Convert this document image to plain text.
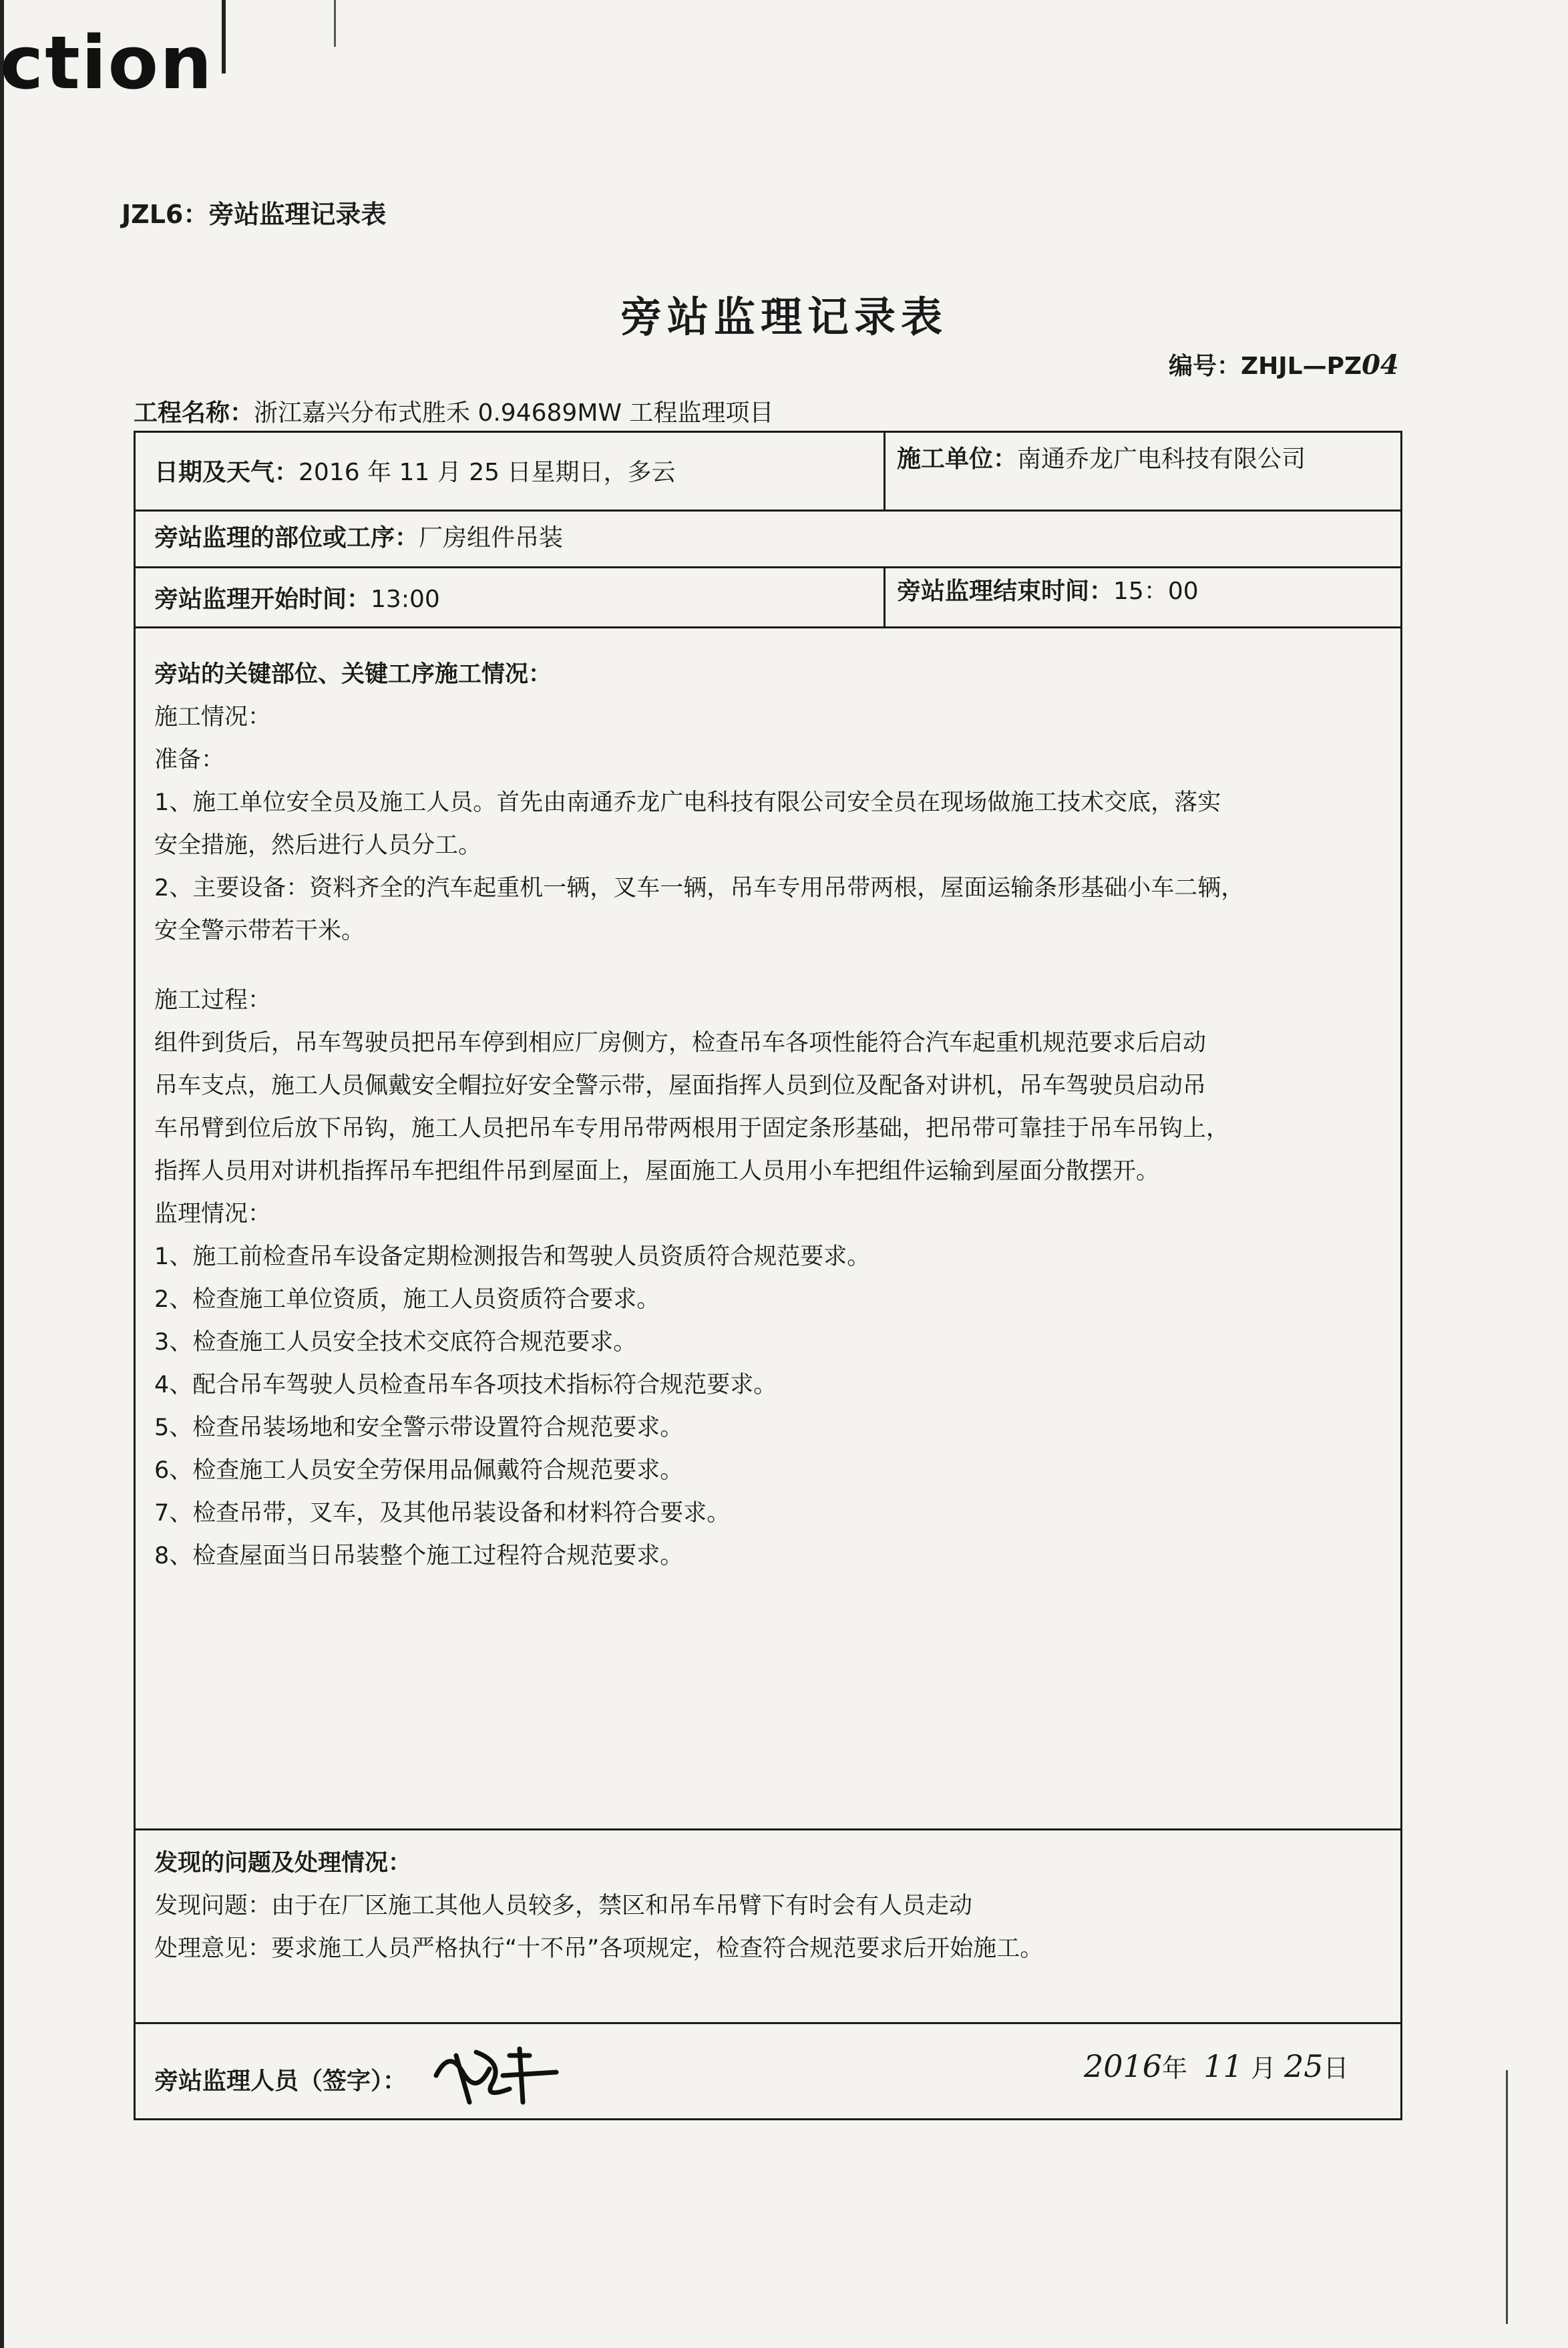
ction
JZL6：旁站监理记录表
旁站监理记录表
编号：ZHJL—PZ04
工程名称：浙江嘉兴分布式胜禾 0.94689MW 工程监理项目
日期及天气：2016 年 11 月 25 日星期日，多云	施工单位：南通乔龙广电科技有限公司
旁站监理的部位或工序：厂房组件吊装
旁站监理开始时间：13:00	旁站监理结束时间：15：00

旁站的关键部位、关键工序施工情况：

施工情况：

准备：

1、施工单位安全员及施工人员。首先由南通乔龙广电科技有限公司安全员在现场做施工技术交底，落实

安全措施，然后进行人员分工。

2、主要设备：资料齐全的汽车起重机一辆，叉车一辆，吊车专用吊带两根，屋面运输条形基础小车二辆，

安全警示带若干米。

施工过程：

组件到货后，吊车驾驶员把吊车停到相应厂房侧方，检查吊车各项性能符合汽车起重机规范要求后启动

吊车支点，施工人员佩戴安全帽拉好安全警示带，屋面指挥人员到位及配备对讲机，吊车驾驶员启动吊

车吊臂到位后放下吊钩，施工人员把吊车专用吊带两根用于固定条形基础，把吊带可靠挂于吊车吊钩上，

指挥人员用对讲机指挥吊车把组件吊到屋面上，屋面施工人员用小车把组件运输到屋面分散摆开。

监理情况：

1、施工前检查吊车设备定期检测报告和驾驶人员资质符合规范要求。

2、检查施工单位资质，施工人员资质符合要求。

3、检查施工人员安全技术交底符合规范要求。

4、配合吊车驾驶人员检查吊车各项技术指标符合规范要求。

5、检查吊装场地和安全警示带设置符合规范要求。

6、检查施工人员安全劳保用品佩戴符合规范要求。

7、检查吊带，叉车，及其他吊装设备和材料符合要求。

8、检查屋面当日吊装整个施工过程符合规范要求。

发现的问题及处理情况：

发现问题：由于在厂区施工其他人员较多，禁区和吊车吊臂下有时会有人员走动

处理意见：要求施工人员严格执行“十不吊”各项规定，检查符合规范要求后开始施工。

旁站监理人员（签字）：	2016年 11 月 25日
